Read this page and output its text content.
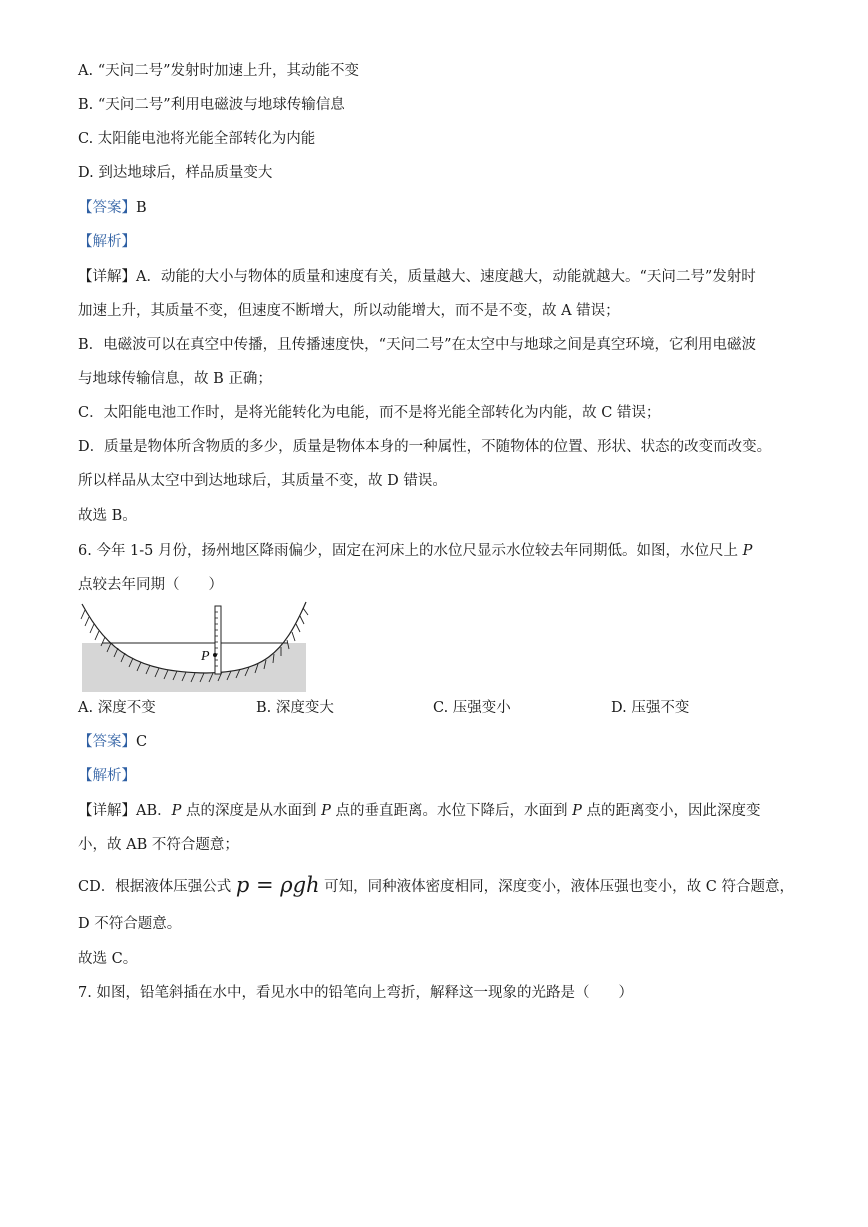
A. “天问二号”发射时加速上升，其动能不变
B. “天问二号”利用电磁波与地球传输信息
C. 太阳能电池将光能全部转化为内能
D. 到达地球后，样品质量变大
【答案】B
【解析】
【详解】A．动能的大小与物体的质量和速度有关，质量越大、速度越大，动能就越大。“天问二号”发射时
加速上升，其质量不变，但速度不断增大，所以动能增大，而不是不变，故 A 错误；
B．电磁波可以在真空中传播，且传播速度快，“天问二号”在太空中与地球之间是真空环境，它利用电磁波
与地球传输信息，故 B 正确；
C．太阳能电池工作时，是将光能转化为电能，而不是将光能全部转化为内能，故 C 错误；
D．质量是物体所含物质的多少，质量是物体本身的一种属性，不随物体的位置、形状、状态的改变而改变。
所以样品从太空中到达地球后，其质量不变，故 D 错误。
故选 B。
6. 今年 1-5 月份，扬州地区降雨偏少，固定在河床上的水位尺显示水位较去年同期低。如图，水位尺上 P
点较去年同期（　　）
P
A. 深度不变	B. 深度变大	C. 压强变小	D. 压强不变
【答案】C
【解析】
【详解】AB．P 点的深度是从水面到 P 点的垂直距离。水位下降后，水面到 P 点的距离变小，因此深度变
小，故 AB 不符合题意；
CD．根据液体压强公式 p = ρgh 可知，同种液体密度相同，深度变小，液体压强也变小，故 C 符合题意，
D 不符合题意。
故选 C。
7. 如图，铅笔斜插在水中，看见水中的铅笔向上弯折，解释这一现象的光路是（　　）
